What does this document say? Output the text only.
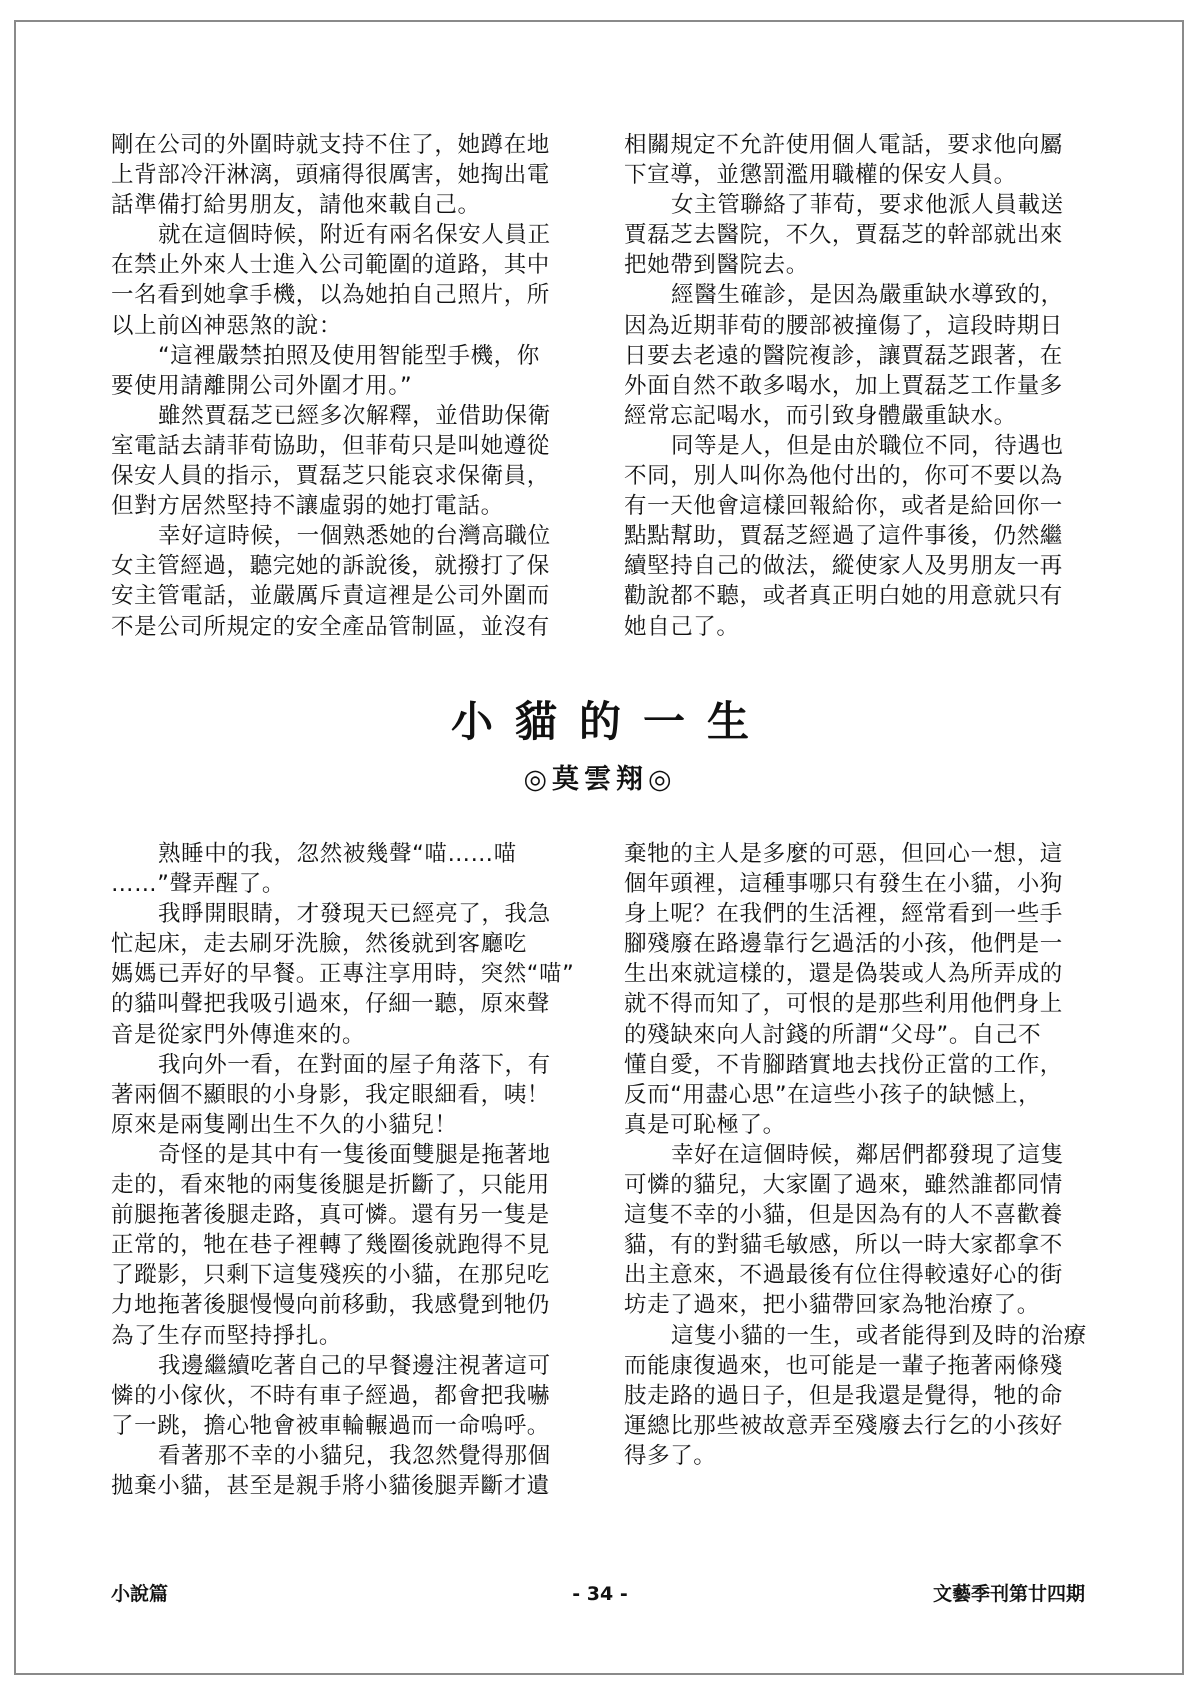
剛在公司的外圍時就支持不住了，她蹲在地
上背部冷汗淋漓，頭痛得很厲害，她掏出電
話準備打給男朋友，請他來載自己。
就在這個時候，附近有兩名保安人員正
在禁止外來人士進入公司範圍的道路，其中
一名看到她拿手機，以為她拍自己照片，所
以上前凶神惡煞的說：
“這裡嚴禁拍照及使用智能型手機，你
要使用請離開公司外圍才用。”
雖然賈磊芝已經多次解釋，並借助保衛
室電話去請菲荀協助，但菲荀只是叫她遵從
保安人員的指示，賈磊芝只能哀求保衛員，
但對方居然堅持不讓虛弱的她打電話。
幸好這時候，一個熟悉她的台灣高職位
女主管經過，聽完她的訴說後，就撥打了保
安主管電話，並嚴厲斥責這裡是公司外圍而
不是公司所規定的安全產品管制區，並沒有
相關規定不允許使用個人電話，要求他向屬
下宣導，並懲罰濫用職權的保安人員。
女主管聯絡了菲荀，要求他派人員載送
賈磊芝去醫院，不久，賈磊芝的幹部就出來
把她帶到醫院去。
經醫生確診，是因為嚴重缺水導致的，
因為近期菲荀的腰部被撞傷了，這段時期日
日要去老遠的醫院複診，讓賈磊芝跟著，在
外面自然不敢多喝水，加上賈磊芝工作量多
經常忘記喝水，而引致身體嚴重缺水。
同等是人，但是由於職位不同，待遇也
不同，別人叫你為他付出的，你可不要以為
有一天他會這樣回報給你，或者是給回你一
點點幫助，賈磊芝經過了這件事後，仍然繼
續堅持自己的做法，縱使家人及男朋友一再
勸說都不聽，或者真正明白她的用意就只有
她自己了。
小貓的一生
◎莫雲翔◎
熟睡中的我，忽然被幾聲“喵……喵
……”聲弄醒了。
我睜開眼睛，才發現天已經亮了，我急
忙起床，走去刷牙洗臉，然後就到客廳吃
媽媽已弄好的早餐。正專注享用時，突然“喵”
的貓叫聲把我吸引過來，仔細一聽，原來聲
音是從家門外傳進來的。
我向外一看，在對面的屋子角落下，有
著兩個不顯眼的小身影，我定眼細看，咦！
原來是兩隻剛出生不久的小貓兒！
奇怪的是其中有一隻後面雙腿是拖著地
走的，看來牠的兩隻後腿是折斷了，只能用
前腿拖著後腿走路，真可憐。還有另一隻是
正常的，牠在巷子裡轉了幾圈後就跑得不見
了蹤影，只剩下這隻殘疾的小貓，在那兒吃
力地拖著後腿慢慢向前移動，我感覺到牠仍
為了生存而堅持掙扎。
我邊繼續吃著自己的早餐邊注視著這可
憐的小傢伙，不時有車子經過，都會把我嚇
了一跳，擔心牠會被車輪輾過而一命嗚呼。
看著那不幸的小貓兒，我忽然覺得那個
拋棄小貓，甚至是親手將小貓後腿弄斷才遺
棄牠的主人是多麼的可惡，但回心一想，這
個年頭裡，這種事哪只有發生在小貓，小狗
身上呢？在我們的生活裡，經常看到一些手
腳殘廢在路邊靠行乞過活的小孩，他們是一
生出來就這樣的，還是偽裝或人為所弄成的
就不得而知了，可恨的是那些利用他們身上
的殘缺來向人討錢的所謂“父母”。自己不
懂自愛，不肯腳踏實地去找份正當的工作，
反而“用盡心思”在這些小孩子的缺憾上，
真是可恥極了。
幸好在這個時候，鄰居們都發現了這隻
可憐的貓兒，大家圍了過來，雖然誰都同情
這隻不幸的小貓，但是因為有的人不喜歡養
貓，有的對貓毛敏感，所以一時大家都拿不
出主意來，不過最後有位住得較遠好心的街
坊走了過來，把小貓帶回家為牠治療了。
這隻小貓的一生，或者能得到及時的治療
而能康復過來，也可能是一輩子拖著兩條殘
肢走路的過日子，但是我還是覺得，牠的命
運總比那些被故意弄至殘廢去行乞的小孩好
得多了。
小說篇	- 34 -	文藝季刊第廿四期
